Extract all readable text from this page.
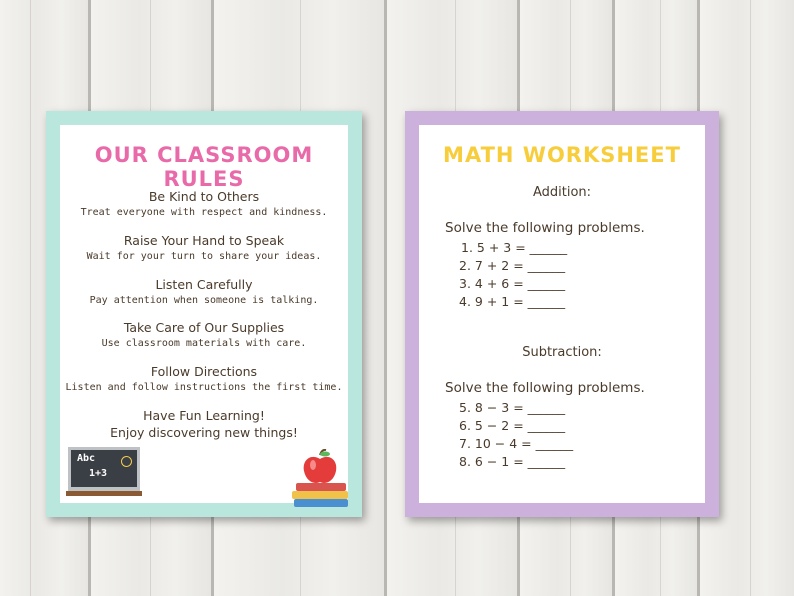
OUR CLASSROOM RULES
Be Kind to Others
Treat everyone with respect and kindness.
Raise Your Hand to Speak
Wait for your turn to share your ideas.
Listen Carefully
Pay attention when someone is talking.
Take Care of Our Supplies
Use classroom materials with care.
Follow Directions
Listen and follow instructions the first time.
Have Fun Learning!
Enjoy discovering new things!
Abc
1+3
MATH WORKSHEET
Addition:
Solve the following problems.
1. 5 + 3 = ______
2. 7 + 2 = ______
3. 4 + 6 = ______
4. 9 + 1 = ______
Subtraction:
Solve the following problems.
5. 8 − 3 = ______
6. 5 − 2 = ______
7. 10 − 4 = ______
8. 6 − 1 = ______
